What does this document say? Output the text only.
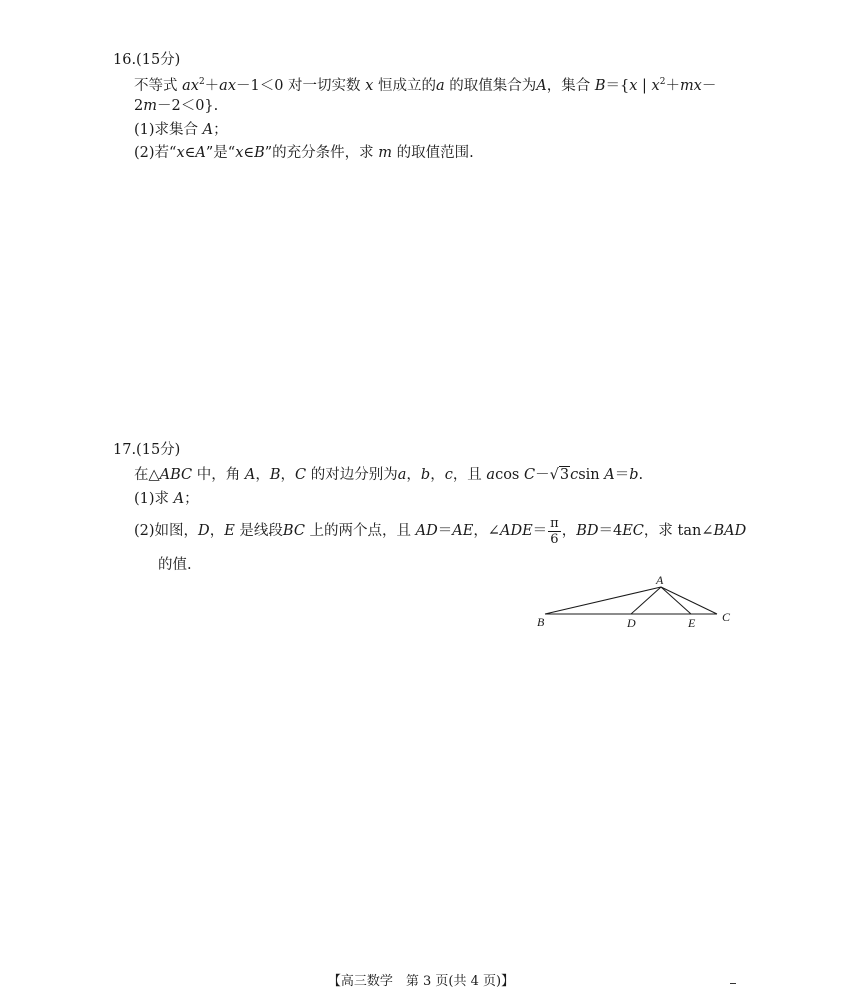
16.(15分)
不等式 $ax^2+ax-1<0$ 对一切实数 x 恒成立的a 的取值集合为A，集合 B＝{x | $x^2+mx-$
2m－2＜0}.
(1)求集合 A；
(2)若“x∈A”是“x∈B”的充分条件，求 m 的取值范围.
17.(15分)
在△ABC 中，角 A，B，C 的对边分别为a，b，c，且 acos C－√3csin A＝b.
(1)求 A；
(2)如图，D，E 是线段BC 上的两个点，且 AD＝AE，∠ADE＝ $\frac{\pi}{6}$ ，BD＝4EC，求 tan∠BAD
的值.
A
B	D	E C
【高三数学　第 3 页(共 4 页)】
